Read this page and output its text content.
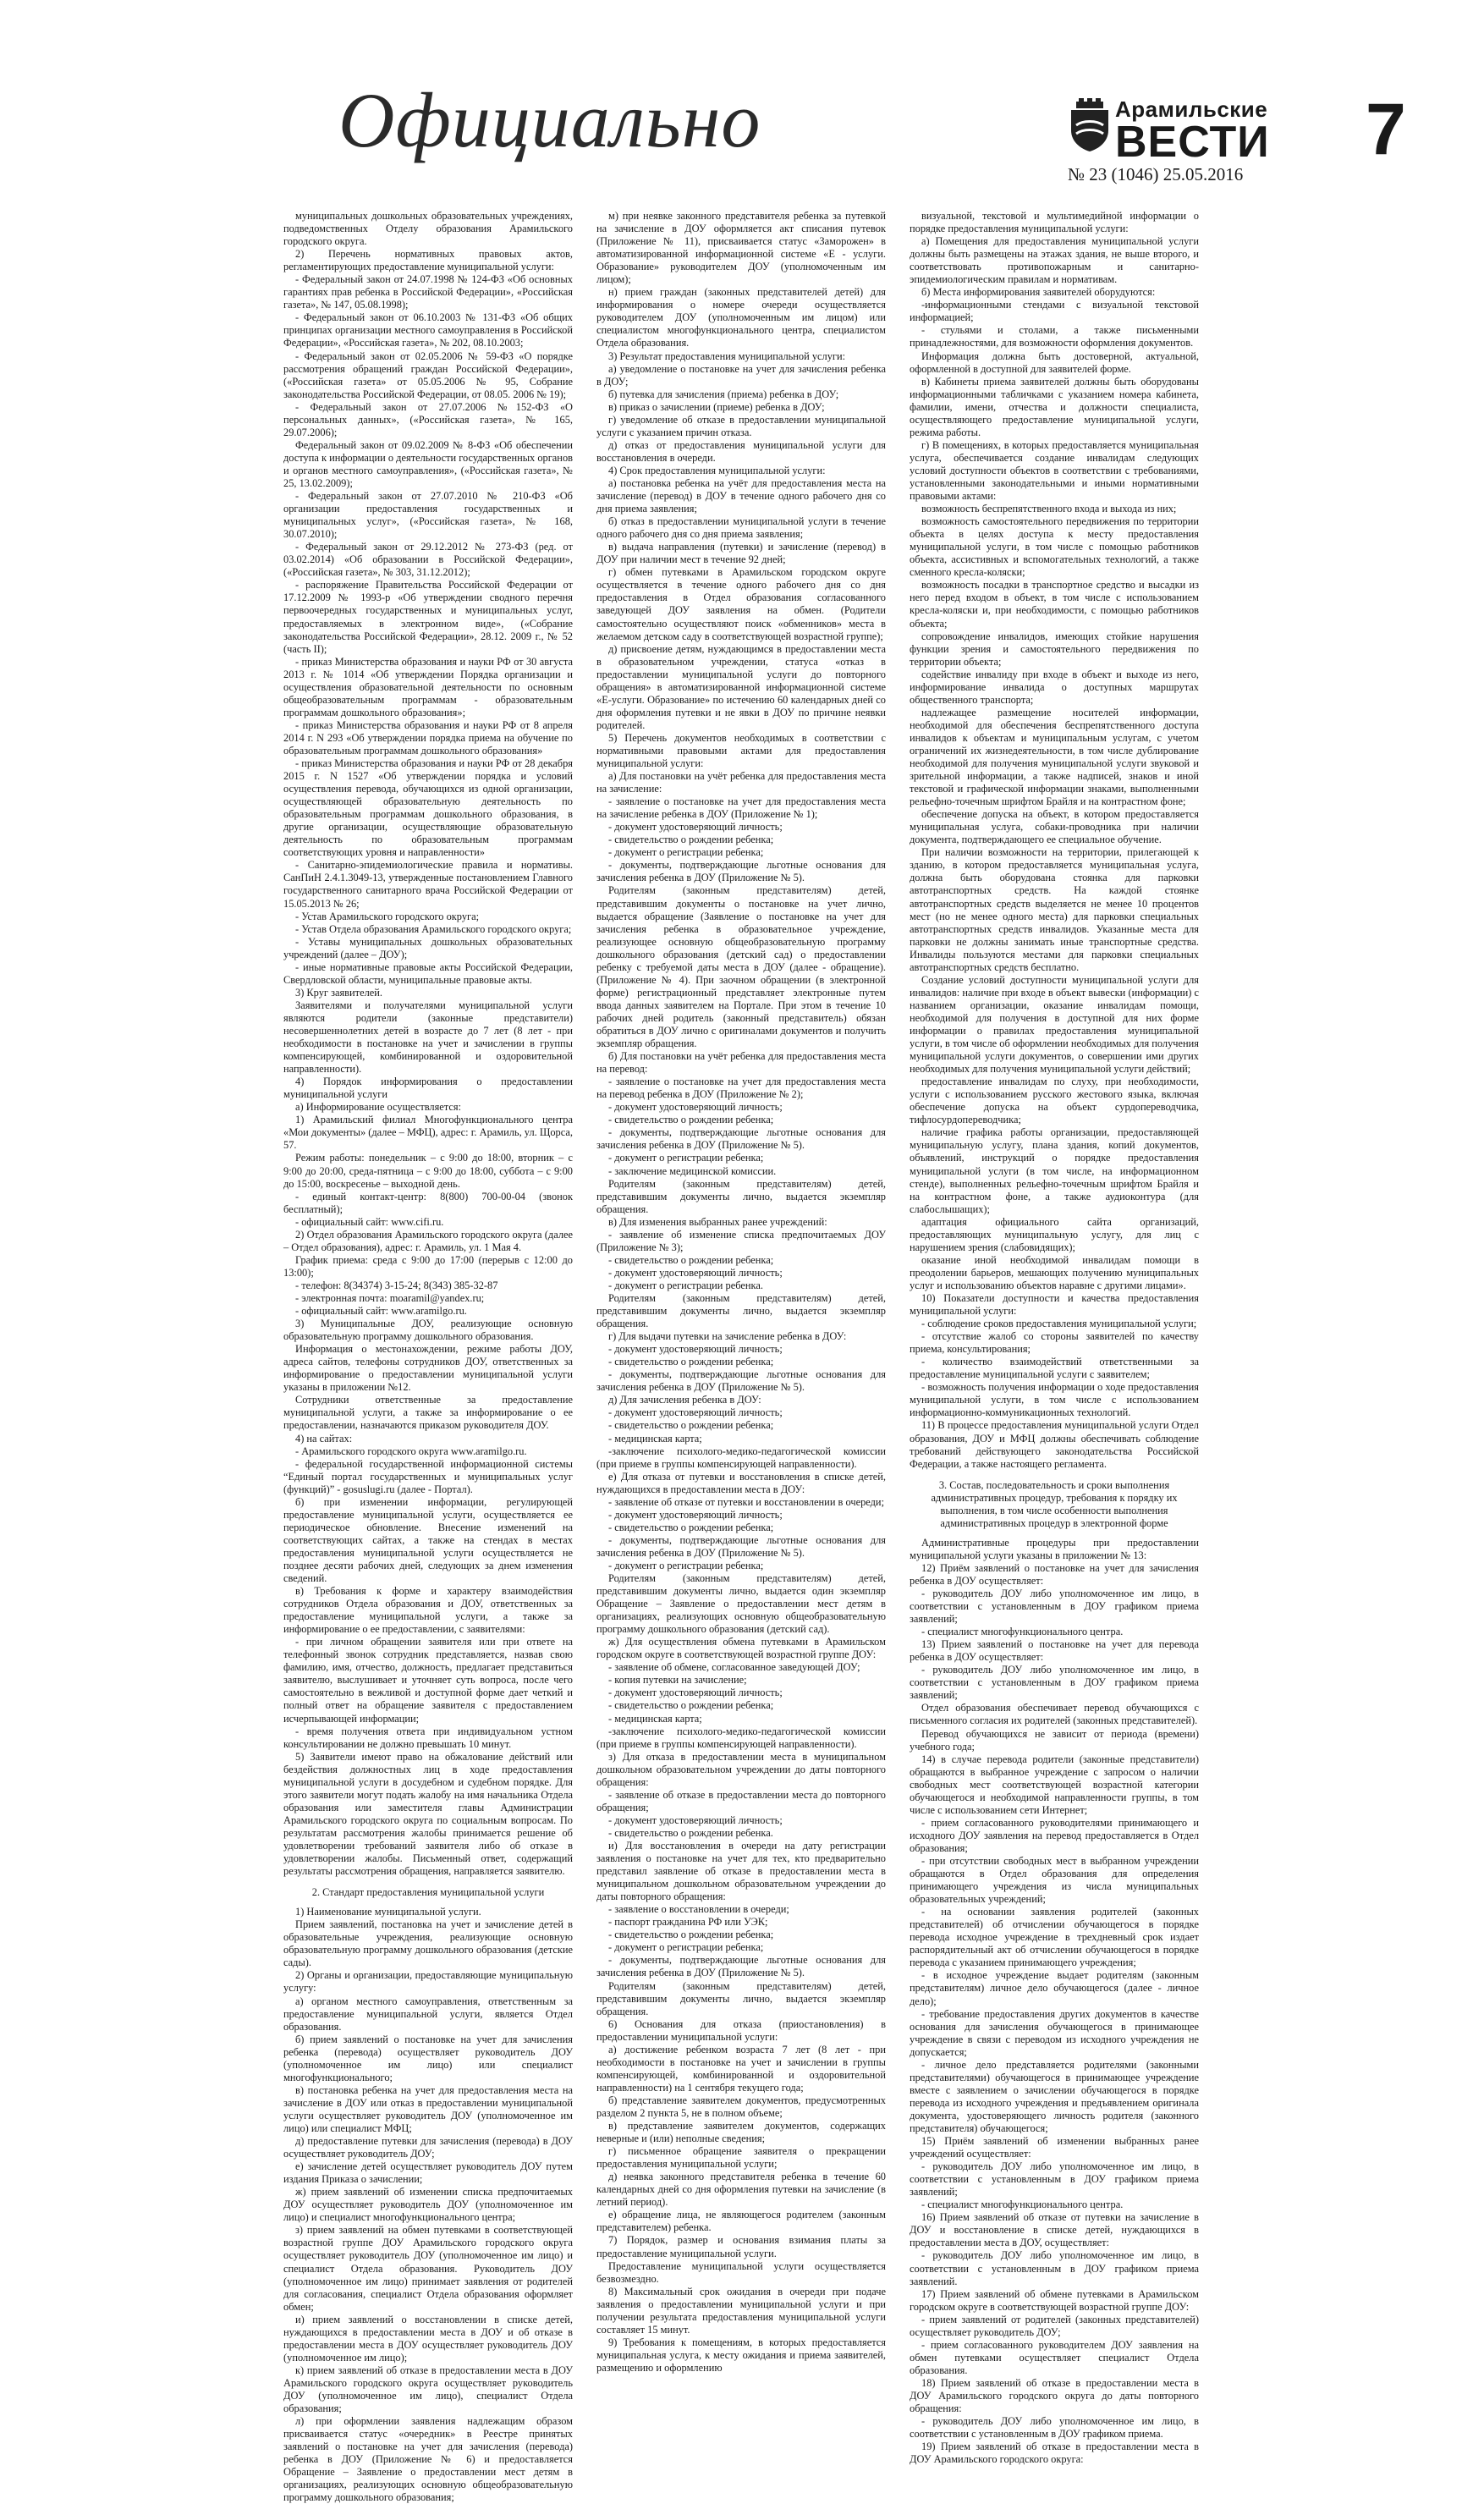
Официально	Арамильские
ВЕСТИ
№ 23 (1046) 25.05.2016
7

муниципальных дошкольных образовательных учреждениях, подведомственных Отделу образования Арамильского городского округа.

2) Перечень нормативных правовых актов, регламентирующих предоставление муниципальной услуги:

- Федеральный закон от 24.07.1998 № 124-ФЗ «Об основных гарантиях прав ребенка в Российской Федерации», «Российская газета», № 147, 05.08.1998);

- Федеральный закон от 06.10.2003 № 131-ФЗ «Об общих принципах организации местного самоуправления в Российской Федерации», «Российская газета», № 202, 08.10.2003;

- Федеральный закон от 02.05.2006 № 59-ФЗ «О порядке рассмотрения обращений граждан Российской Федерации», («Российская газета» от 05.05.2006 № 95, Собрание законодательства Российской Федерации, от 08.05. 2006 № 19);

- Федеральный закон от 27.07.2006 №152-ФЗ «О персональных данных», («Российская газета», № 165, 29.07.2006);

Федеральный закон от 09.02.2009 № 8-ФЗ «Об обеспечении доступа к информации о деятельности государственных органов и органов местного самоуправления», («Российская газета», № 25, 13.02.2009);

- Федеральный закон от 27.07.2010 № 210-ФЗ «Об организации предоставления государственных и муниципальных услуг», («Российская газета», № 168, 30.07.2010);

- Федеральный закон от 29.12.2012 № 273-ФЗ (ред. от 03.02.2014) «Об образовании в Российской Федерации», («Российская газета», № 303, 31.12.2012);

- распоряжение Правительства Российской Федерации от 17.12.2009 № 1993-р «Об утверждении сводного перечня первоочередных государственных и муниципальных услуг, предоставляемых в электронном виде», («Собрание законодательства Российской Федерации», 28.12. 2009 г., № 52 (часть II);

- приказ Министерства образования и науки РФ от 30 августа 2013 г. № 1014 «Об утверждении Порядка организации и осуществления образовательной деятельности по основным общеобразовательным программам - образовательным программам дошкольного образования»;

- приказ Министерства образования и науки РФ от 8 апреля 2014 г. N 293 «Об утверждении порядка приема на обучение по образовательным программам дошкольного образования»

- приказ Министерства образования и науки РФ от 28 декабря 2015 г. N 1527 «Об утверждении порядка и условий осуществления перевода, обучающихся из одной организации, осуществляющей образовательную деятельность по образовательным программам дошкольного образования, в другие организации, осуществляющие образовательную деятельность по образовательным программам соответствующих уровня и направленности»

- Санитарно-эпидемиологические правила и нормативы. СанПиН 2.4.1.3049-13, утвержденные постановлением Главного государственного санитарного врача Российской Федерации от 15.05.2013 № 26;

- Устав Арамильского городского округа;

- Устав Отдела образования Арамильского городского округа;

- Уставы муниципальных дошкольных образовательных учреждений (далее – ДОУ);

- иные нормативные правовые акты Российской Федерации, Свердловской области, муниципальные правовые акты.

3) Круг заявителей.

Заявителями и получателями муниципальной услуги являются родители (законные представители) несовершеннолетних детей в возрасте до 7 лет (8 лет - при необходимости в постановке на учет и зачислении в группы компенсирующей, комбинированной и оздоровительной направленности).

4) Порядок информирования о предоставлении муниципальной услуги

а) Информирование осуществляется:

1) Арамильский филиал Многофункционального центра «Мои документы» (далее – МФЦ), адрес: г. Арамиль, ул. Щорса, 57.

Режим работы: понедельник – с 9:00 до 18:00, вторник – с 9:00 до 20:00, среда-пятница – с 9:00 до 18:00, суббота – с 9:00 до 15:00, воскресенье – выходной день.

- единый контакт-центр: 8(800) 700-00-04 (звонок бесплатный);

- официальный сайт: www.cifi.ru.

2) Отдел образования Арамильского городского округа (далее – Отдел образования), адрес: г. Арамиль, ул. 1 Мая 4.

График приема: среда с 9:00 до 17:00 (перерыв с 12:00 до 13:00);

- телефон: 8(34374) 3-15-24; 8(343) 385-32-87

- электронная почта: moaramil@yandex.ru;

- официальный сайт: www.aramilgo.ru.

3) Муниципальные ДОУ, реализующие основную образовательную программу дошкольного образования.

Информация о местонахождении, режиме работы ДОУ, адреса сайтов, телефоны сотрудников ДОУ, ответственных за информирование о предоставлении муниципальной услуги указаны в приложении №12.

Сотрудники ответственные за предоставление муниципальной услуги, а также за информирование о ее предоставлении, назначаются приказом руководителя ДОУ.

4) на сайтах:

- Арамильского городского округа www.aramilgo.ru.

- федеральной государственной информационной системы “Единый портал государственных и муниципальных услуг (функций)” - gosuslugi.ru (далее - Портал).

б) при изменении информации, регулирующей предоставление муниципальной услуги, осуществляется ее периодическое обновление. Внесение изменений на соответствующих сайтах, а также на стендах в местах предоставления муниципальной услуги осуществляется не позднее десяти рабочих дней, следующих за днем изменения сведений.

в) Требования к форме и характеру взаимодействия сотрудников Отдела образования и ДОУ, ответственных за предоставление муниципальной услуги, а также за информирование о ее предоставлении, с заявителями:

- при личном обращении заявителя или при ответе на телефонный звонок сотрудник представляется, назвав свою фамилию, имя, отчество, должность, предлагает представиться заявителю, выслушивает и уточняет суть вопроса, после чего самостоятельно в вежливой и доступной форме дает четкий и полный ответ на обращение заявителя с предоставлением исчерпывающей информации;

- время получения ответа при индивидуальном устном консультировании не должно превышать 10 минут.

5) Заявители имеют право на обжалование действий или бездействия должностных лиц в ходе предоставления муниципальной услуги в досудебном и судебном порядке. Для этого заявители могут подать жалобу на имя начальника Отдела образования или заместителя главы Администрации Арамильского городского округа по социальным вопросам. По результатам рассмотрения жалобы принимается решение об удовлетворении требований заявителя либо об отказе в удовлетворении жалобы. Письменный ответ, содержащий результаты рассмотрения обращения, направляется заявителю.

2. Стандарт предоставления муниципальной услуги

1) Наименование муниципальной услуги.

Прием заявлений, постановка на учет и зачисление детей в образовательные учреждения, реализующие основную образовательную программу дошкольного образования (детские сады).

2) Органы и организации, предоставляющие муниципальную услугу:

а) органом местного самоуправления, ответственным за предоставление муниципальной услуги, является Отдел образования.

б) прием заявлений о постановке на учет для зачисления ребенка (перевода) осуществляет руководитель ДОУ (уполномоченное им лицо) или специалист многофункционального;

в) постановка ребенка на учет для предоставления места на зачисление в ДОУ или отказ в предоставлении муниципальной услуги осуществляет руководитель ДОУ (уполномоченное им лицо) или специалист МФЦ;

д) предоставление путевки для зачисления (перевода) в ДОУ осуществляет руководитель ДОУ;

е) зачисление детей осуществляет руководитель ДОУ путем издания Приказа о зачислении;

ж) прием заявлений об изменении списка предпочитаемых ДОУ осуществляет руководитель ДОУ (уполномоченное им лицо) и специалист многофункционального центра;

з) прием заявлений на обмен путевками в соответствующей возрастной группе ДОУ Арамильского городского округа осуществляет руководитель ДОУ (уполномоченное им лицо) и специалист Отдела образования. Руководитель ДОУ (уполномоченное им лицо) принимает заявления от родителей для согласования, специалист Отдела образования оформляет обмен;

и) прием заявлений о восстановлении в списке детей, нуждающихся в предоставлении места в ДОУ и об отказе в предоставлении места в ДОУ осуществляет руководитель ДОУ (уполномоченное им лицо);

к) прием заявлений об отказе в предоставлении места в ДОУ Арамильского городского округа осуществляет руководитель ДОУ (уполномоченное им лицо), специалист Отдела образования;

л) при оформлении заявления надлежащим образом присваивается статус «очередник» в Реестре принятых заявлений о постановке на учет для зачисления (перевода) ребенка в ДОУ (Приложение № 6) и предоставляется Обращение – Заявление о предоставлении мест детям в организациях, реализующих основную общеобразовательную программу дошкольного образования;

м) при неявке законного представителя ребенка за путевкой на зачисление в ДОУ оформляется акт списания путевок (Приложение № 11), присваивается статус «Заморожен» в автоматизированной информационной системе «Е - услуги. Образование» руководителем ДОУ (уполномоченным им лицом);

н) прием граждан (законных представителей детей) для информирования о номере очереди осуществляется руководителем ДОУ (уполномоченным им лицом) или специалистом многофункционального центра, специалистом Отдела образования.

3) Результат предоставления муниципальной услуги:

а) уведомление о постановке на учет для зачисления ребенка в ДОУ;

б) путевка для зачисления (приема) ребенка в ДОУ;

в) приказ о зачислении (приеме) ребенка в ДОУ;

г) уведомление об отказе в предоставлении муниципальной услуги с указанием причин отказа.

д) отказ от предоставления муниципальной услуги для восстановления в очереди.

4) Срок предоставления муниципальной услуги:

а) постановка ребенка на учёт для предоставления места на зачисление (перевод) в ДОУ в течение одного рабочего дня со дня приема заявления;

б) отказ в предоставлении муниципальной услуги в течение одного рабочего дня со дня приема заявления;

в) выдача направления (путевки) и зачисление (перевод) в ДОУ при наличии мест в течение 92 дней;

г) обмен путевками в Арамильском городском округе осуществляется в течение одного рабочего дня со дня предоставления в Отдел образования согласованного заведующей ДОУ заявления на обмен. (Родители самостоятельно осуществляют поиск «обменников» места в желаемом детском саду в соответствующей возрастной группе);

д) присвоение детям, нуждающимся в предоставлении места в образовательном учреждении, статуса «отказ в предоставлении муниципальной услуги до повторного обращения» в автоматизированной информационной системе «Е-услуги. Образование» по истечению 60 календарных дней со дня оформления путевки и не явки в ДОУ по причине неявки родителей.

5) Перечень документов необходимых в соответствии с нормативными правовыми актами для предоставления муниципальной услуги:

а) Для постановки на учёт ребенка для предоставления места на зачисление:

- заявление о постановке на учет для предоставления места на зачисление ребенка в ДОУ (Приложение № 1);

- документ удостоверяющий личность;

- свидетельство о рождении ребенка;

- документ о регистрации ребенка;

- документы, подтверждающие льготные основания для зачисления ребенка в ДОУ (Приложение № 5).

Родителям (законным представителям) детей, представившим документы о постановке на учет лично, выдается обращение (Заявление о постановке на учет для зачисления ребенка в образовательное учреждение, реализующее основную общеобразовательную программу дошкольного образования (детский сад) о предоставлении ребенку с требуемой даты места в ДОУ (далее - обращение). (Приложение № 4). При заочном обращении (в электронной форме) регистрационный представляет электронные путем ввода данных заявителем на Портале. При этом в течение 10 рабочих дней родитель (законный представитель) обязан обратиться в ДОУ лично с оригиналами документов и получить экземпляр обращения.

б) Для постановки на учёт ребенка для предоставления места на перевод:

- заявление о постановке на учет для предоставления места на перевод ребенка в ДОУ (Приложение № 2);

- документ удостоверяющий личность;

- свидетельство о рождении ребенка;

- документы, подтверждающие льготные основания для зачисления ребенка в ДОУ (Приложение № 5).

- документ о регистрации ребенка;

- заключение медицинской комиссии.

Родителям (законным представителям) детей, представившим документы лично, выдается экземпляр обращения.

в) Для изменения выбранных ранее учреждений:

- заявление об изменение списка предпочитаемых ДОУ (Приложение № 3);

- свидетельство о рождении ребенка;

- документ удостоверяющий личность;

- документ о регистрации ребенка.

Родителям (законным представителям) детей, представившим документы лично, выдается экземпляр обращения.

г) Для выдачи путевки на зачисление ребенка в ДОУ:

- документ удостоверяющий личность;

- свидетельство о рождении ребенка;

- документы, подтверждающие льготные основания для зачисления ребенка в ДОУ (Приложение № 5).

д) Для зачисления ребенка в ДОУ:

- документ удостоверяющий личность;

- свидетельство о рождении ребенка;

- медицинская карта;

-заключение психолого-медико-педагогической комиссии (при приеме в группы компенсирующей направленности).

е) Для отказа от путевки и восстановления в списке детей, нуждающихся в предоставлении места в ДОУ:

- заявление об отказе от путевки и восстановлении в очереди;

- документ удостоверяющий личность;

- свидетельство о рождении ребенка;

- документы, подтверждающие льготные основания для зачисления ребенка в ДОУ (Приложение № 5).

- документ о регистрации ребенка;

Родителям (законным представителям) детей, представившим документы лично, выдается один экземпляр Обращение – Заявление о предоставлении мест детям в организациях, реализующих основную общеобразовательную программу дошкольного образования (детский сад).

ж) Для осуществления обмена путевками в Арамильском городском округе в соответствующей возрастной группе ДОУ:

- заявление об обмене, согласованное заведующей ДОУ;

- копия путевки на зачисление;

- документ удостоверяющий личность;

- свидетельство о рождении ребенка;

- медицинская карта;

-заключение психолого-медико-педагогической комиссии (при приеме в группы компенсирующей направленности).

з) Для отказа в предоставлении места в муниципальном дошкольном образовательном учреждении до даты повторного обращения:

- заявление об отказе в предоставлении места до повторного обращения;

- документ удостоверяющий личность;

- свидетельство о рождении ребенка.

и) Для восстановления в очереди на дату регистрации заявления о постановке на учет для тех, кто предварительно представил заявление об отказе в предоставлении места в муниципальном дошкольном образовательном учреждении до даты повторного обращения:

- заявление о восстановлении в очереди;

- паспорт гражданина РФ или УЭК;

- свидетельство о рождении ребенка;

- документ о регистрации ребенка;

- документы, подтверждающие льготные основания для зачисления ребенка в ДОУ (Приложение № 5).

Родителям (законным представителям) детей, представившим документы лично, выдается экземпляр обращения.

6) Основания для отказа (приостановления) в предоставлении муниципальной услуги:

а) достижение ребенком возраста 7 лет (8 лет - при необходимости в постановке на учет и зачислении в группы компенсирующей, комбинированной и оздоровительной направленности) на 1 сентября текущего года;

б) представление заявителем документов, предусмотренных разделом 2 пункта 5, не в полном объеме;

в) представление заявителем документов, содержащих неверные и (или) неполные сведения;

г) письменное обращение заявителя о прекращении предоставления муниципальной услуги;

д) неявка законного представителя ребенка в течение 60 календарных дней со дня оформления путевки на зачисление (в летний период).

е) обращение лица, не являющегося родителем (законным представителем) ребенка.

7) Порядок, размер и основания взимания платы за предоставление муниципальной услуги.

Предоставление муниципальной услуги осуществляется безвозмездно.

8) Максимальный срок ожидания в очереди при подаче заявления о предоставлении муниципальной услуги и при получении результата предоставления муниципальной услуги составляет 15 минут.

9) Требования к помещениям, в которых предоставляется муниципальная услуга, к месту ожидания и приема заявителей, размещению и оформлению

визуальной, текстовой и мультимедийной информации о порядке предоставления муниципальной услуги:

а) Помещения для предоставления муниципальной услуги должны быть размещены на этажах здания, не выше второго, и соответствовать противопожарным и санитарно-эпидемиологическим правилам и нормативам.

б) Места информирования заявителей оборудуются:

-информационными стендами с визуальной текстовой информацией;

- стульями и столами, а также письменными принадлежностями, для возможности оформления документов.

Информация должна быть достоверной, актуальной, оформленной в доступной для заявителей форме.

в) Кабинеты приема заявителей должны быть оборудованы информационными табличками с указанием номера кабинета, фамилии, имени, отчества и должности специалиста, осуществляющего предоставление муниципальной услуги, режима работы.

г) В помещениях, в которых предоставляется муниципальная услуга, обеспечивается создание инвалидам следующих условий доступности объектов в соответствии с требованиями, установленными законодательными и иными нормативными правовыми актами:

возможность беспрепятственного входа и выхода из них;

возможность самостоятельного передвижения по территории объекта в целях доступа к месту предоставления муниципальной услуги, в том числе с помощью работников объекта, ассистивных и вспомогательных технологий, а также сменного кресла-коляски;

возможность посадки в транспортное средство и высадки из него перед входом в объект, в том числе с использованием кресла-коляски и, при необходимости, с помощью работников объекта;

сопровождение инвалидов, имеющих стойкие нарушения функции зрения и самостоятельного передвижения по территории объекта;

содействие инвалиду при входе в объект и выходе из него, информирование инвалида о доступных маршрутах общественного транспорта;

надлежащее размещение носителей информации, необходимой для обеспечения беспрепятственного доступа инвалидов к объектам и муниципальным услугам, с учетом ограничений их жизнедеятельности, в том числе дублирование необходимой для получения муниципальной услуги звуковой и зрительной информации, а также надписей, знаков и иной текстовой и графической информации знаками, выполненными рельефно-точечным шрифтом Брайля и на контрастном фоне;

обеспечение допуска на объект, в котором предоставляется муниципальная услуга, собаки-проводника при наличии документа, подтверждающего ее специальное обучение.

При наличии возможности на территории, прилегающей к зданию, в котором предоставляется муниципальная услуга, должна быть оборудована стоянка для парковки автотранспортных средств. На каждой стоянке автотранспортных средств выделяется не менее 10 процентов мест (но не менее одного места) для парковки специальных автотранспортных средств инвалидов. Указанные места для парковки не должны занимать иные транспортные средства. Инвалиды пользуются местами для парковки специальных автотранспортных средств бесплатно.

Создание условий доступности муниципальной услуги для инвалидов: наличие при входе в объект вывески (информации) с названием организации, оказание инвалидам помощи, необходимой для получения в доступной для них форме информации о правилах предоставления муниципальной услуги, в том числе об оформлении необходимых для получения муниципальной услуги документов, о совершении ими других необходимых для получения муниципальной услуги действий;

предоставление инвалидам по слуху, при необходимости, услуги с использованием русского жестового языка, включая обеспечение допуска на объект сурдопереводчика, тифлосурдопереводчика;

наличие графика работы организации, предоставляющей муниципальную услугу, плана здания, копий документов, объявлений, инструкций о порядке предоставления муниципальной услуги (в том числе, на информационном стенде), выполненных рельефно-точечным шрифтом Брайля и на контрастном фоне, а также аудиоконтура (для слабослышащих);

адаптация официального сайта организаций, предоставляющих муниципальную услугу, для лиц с нарушением зрения (слабовидящих);

оказание иной необходимой инвалидам помощи в преодолении барьеров, мешающих получению муниципальных услуг и использованию объектов наравне с другими лицами».

10) Показатели доступности и качества предоставления муниципальной услуги:

- соблюдение сроков предоставления муниципальной услуги;

- отсутствие жалоб со стороны заявителей по качеству приема, консультирования;

- количество взаимодействий ответственными за предоставление муниципальной услуги с заявителем;

- возможность получения информации о ходе предоставления муниципальной услуги, в том числе с использованием информационно-коммуникационных технологий.

11) В процессе предоставления муниципальной услуги Отдел образования, ДОУ и МФЦ должны обеспечивать соблюдение требований действующего законодательства Российской Федерации, а также настоящего регламента.

3. Состав, последовательность и сроки выполнения административных процедур, требования к порядку их выполнения, в том числе особенности выполнения административных процедур в электронной форме

Административные процедуры при предоставлении муниципальной услуги указаны в приложении № 13:

12) Приём заявлений о постановке на учет для зачисления ребенка в ДОУ осуществляет:

- руководитель ДОУ либо уполномоченное им лицо, в соответствии с установленным в ДОУ графиком приема заявлений;

- специалист многофункционального центра.

13) Прием заявлений о постановке на учет для перевода ребенка в ДОУ осуществляет:

- руководитель ДОУ либо уполномоченное им лицо, в соответствии с установленным в ДОУ графиком приема заявлений;

Отдел образования обеспечивает перевод обучающихся с письменного согласия их родителей (законных представителей).

Перевод обучающихся не зависит от периода (времени) учебного года;

14) в случае перевода родители (законные представители) обращаются в выбранное учреждение с запросом о наличии свободных мест соответствующей возрастной категории обучающегося и необходимой направленности группы, в том числе с использованием сети Интернет;

- прием согласованного руководителями принимающего и исходного ДОУ заявления на перевод предоставляется в Отдел образования;

- при отсутствии свободных мест в выбранном учреждении обращаются в Отдел образования для определения принимающего учреждения из числа муниципальных образовательных учреждений;

- на основании заявления родителей (законных представителей) об отчислении обучающегося в порядке перевода исходное учреждение в трехдневный срок издает распорядительный акт об отчислении обучающегося в порядке перевода с указанием принимающего учреждения;

- в исходное учреждение выдает родителям (законным представителям) личное дело обучающегося (далее - личное дело);

- требование предоставления других документов в качестве основания для зачисления обучающегося в принимающее учреждение в связи с переводом из исходного учреждения не допускается;

- личное дело представляется родителями (законными представителями) обучающегося в принимающее учреждение вместе с заявлением о зачислении обучающегося в порядке перевода из исходного учреждения и предъявлением оригинала документа, удостоверяющего личность родителя (законного представителя) обучающегося;

15) Приём заявлений об изменении выбранных ранее учреждений осуществляет:

- руководитель ДОУ либо уполномоченное им лицо, в соответствии с установленным в ДОУ графиком приема заявлений;

- специалист многофункционального центра.

16) Прием заявлений об отказе от путевки на зачисление в ДОУ и восстановление в списке детей, нуждающихся в предоставлении места в ДОУ, осуществляет:

- руководитель ДОУ либо уполномоченное им лицо, в соответствии с установленным в ДОУ графиком приема заявлений.

17) Прием заявлений об обмене путевками в Арамильском городском округе в соответствующей возрастной группе ДОУ:

- прием заявлений от родителей (законных представителей) осуществляет руководитель ДОУ;

- прием согласованного руководителем ДОУ заявления на обмен путевками осуществляет специалист Отдела образования.

18) Прием заявлений об отказе в предоставлении места в ДОУ Арамильского городского округа до даты повторного обращения:

- руководитель ДОУ либо уполномоченное им лицо, в соответствии с установленным в ДОУ графиком приема.

19) Прием заявлений об отказе в предоставлении места в ДОУ Арамильского городского округа:
